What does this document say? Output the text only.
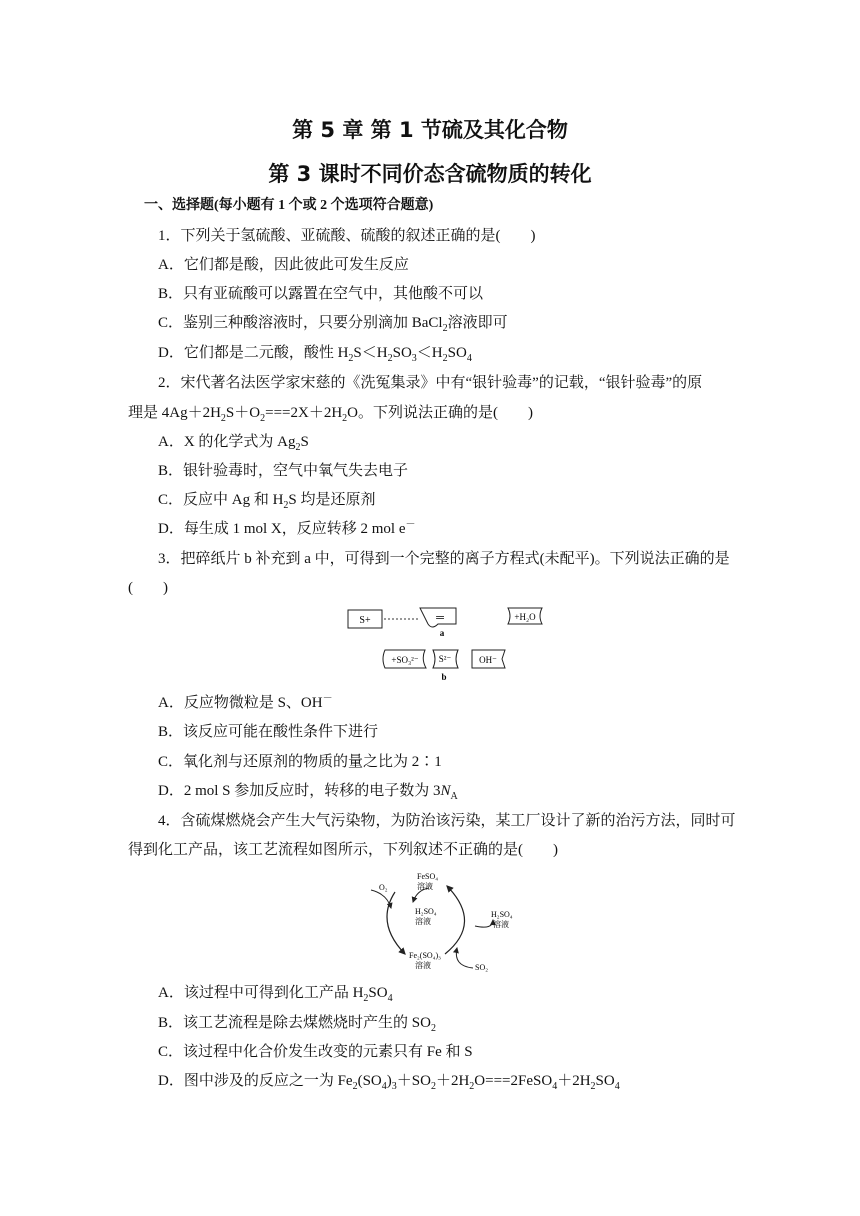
第 5 章 第 1 节硫及其化合物
第 3 课时不同价态含硫物质的转化
一、选择题(每小题有 1 个或 2 个选项符合题意)
1．下列关于氢硫酸、亚硫酸、硫酸的叙述正确的是(　　)
A．它们都是酸，因此彼此可发生反应
B．只有亚硫酸可以露置在空气中，其他酸不可以
C．鉴别三种酸溶液时，只要分别滴加 BaCl$_2$溶液即可
D．它们都是二元酸，酸性 $H_2S<H_2SO_3<H_2SO_4$
2．宋代著名法医学家宋慈的《洗冤集录》中有“银针验毒”的记载，“银针验毒”的原
理是 $4Ag+2H_2S+O_2===2X+2H_2O$。下列说法正确的是(　　)
A．X 的化学式为 $Ag_2S$
B．银针验毒时，空气中氧气失去电子
C．反应中 Ag 和 $H_2S$ 均是还原剂
D．每生成 1 mol X，反应转移 2 mol e－
3．把碎纸片 b 补充到 a 中，可得到一个完整的离子方程式(未配平)。下列说法正确的是
(　　)
S+	═
a
+H₂O
+SO₃²⁻ S²⁻
b
OH⁻
A．反应物微粒是 S、OH－
B．该反应可能在酸性条件下进行
C．氧化剂与还原剂的物质的量之比为 2∶1
D．2 mol S 参加反应时，转移的电子数为 $3N_A$
4．含硫煤燃烧会产生大气污染物，为防治该污染，某工厂设计了新的治污方法，同时可
得到化工产品，该工艺流程如图所示，下列叙述不正确的是(　　)
O₂
FeSO₄
溶液
H₂SO₄
溶液
H₂SO₄
溶液
Fe₂(SO₄)₃
溶液	SO₂
A．该过程中可得到化工产品 $H_2SO_4$
B．该工艺流程是除去煤燃烧时产生的 $SO_2$
C．该过程中化合价发生改变的元素只有 Fe 和 S
D．图中涉及的反应之一为 $Fe_2(SO_4)_3+SO_2+2H_2O===2FeSO_4+2H_2SO_4$
